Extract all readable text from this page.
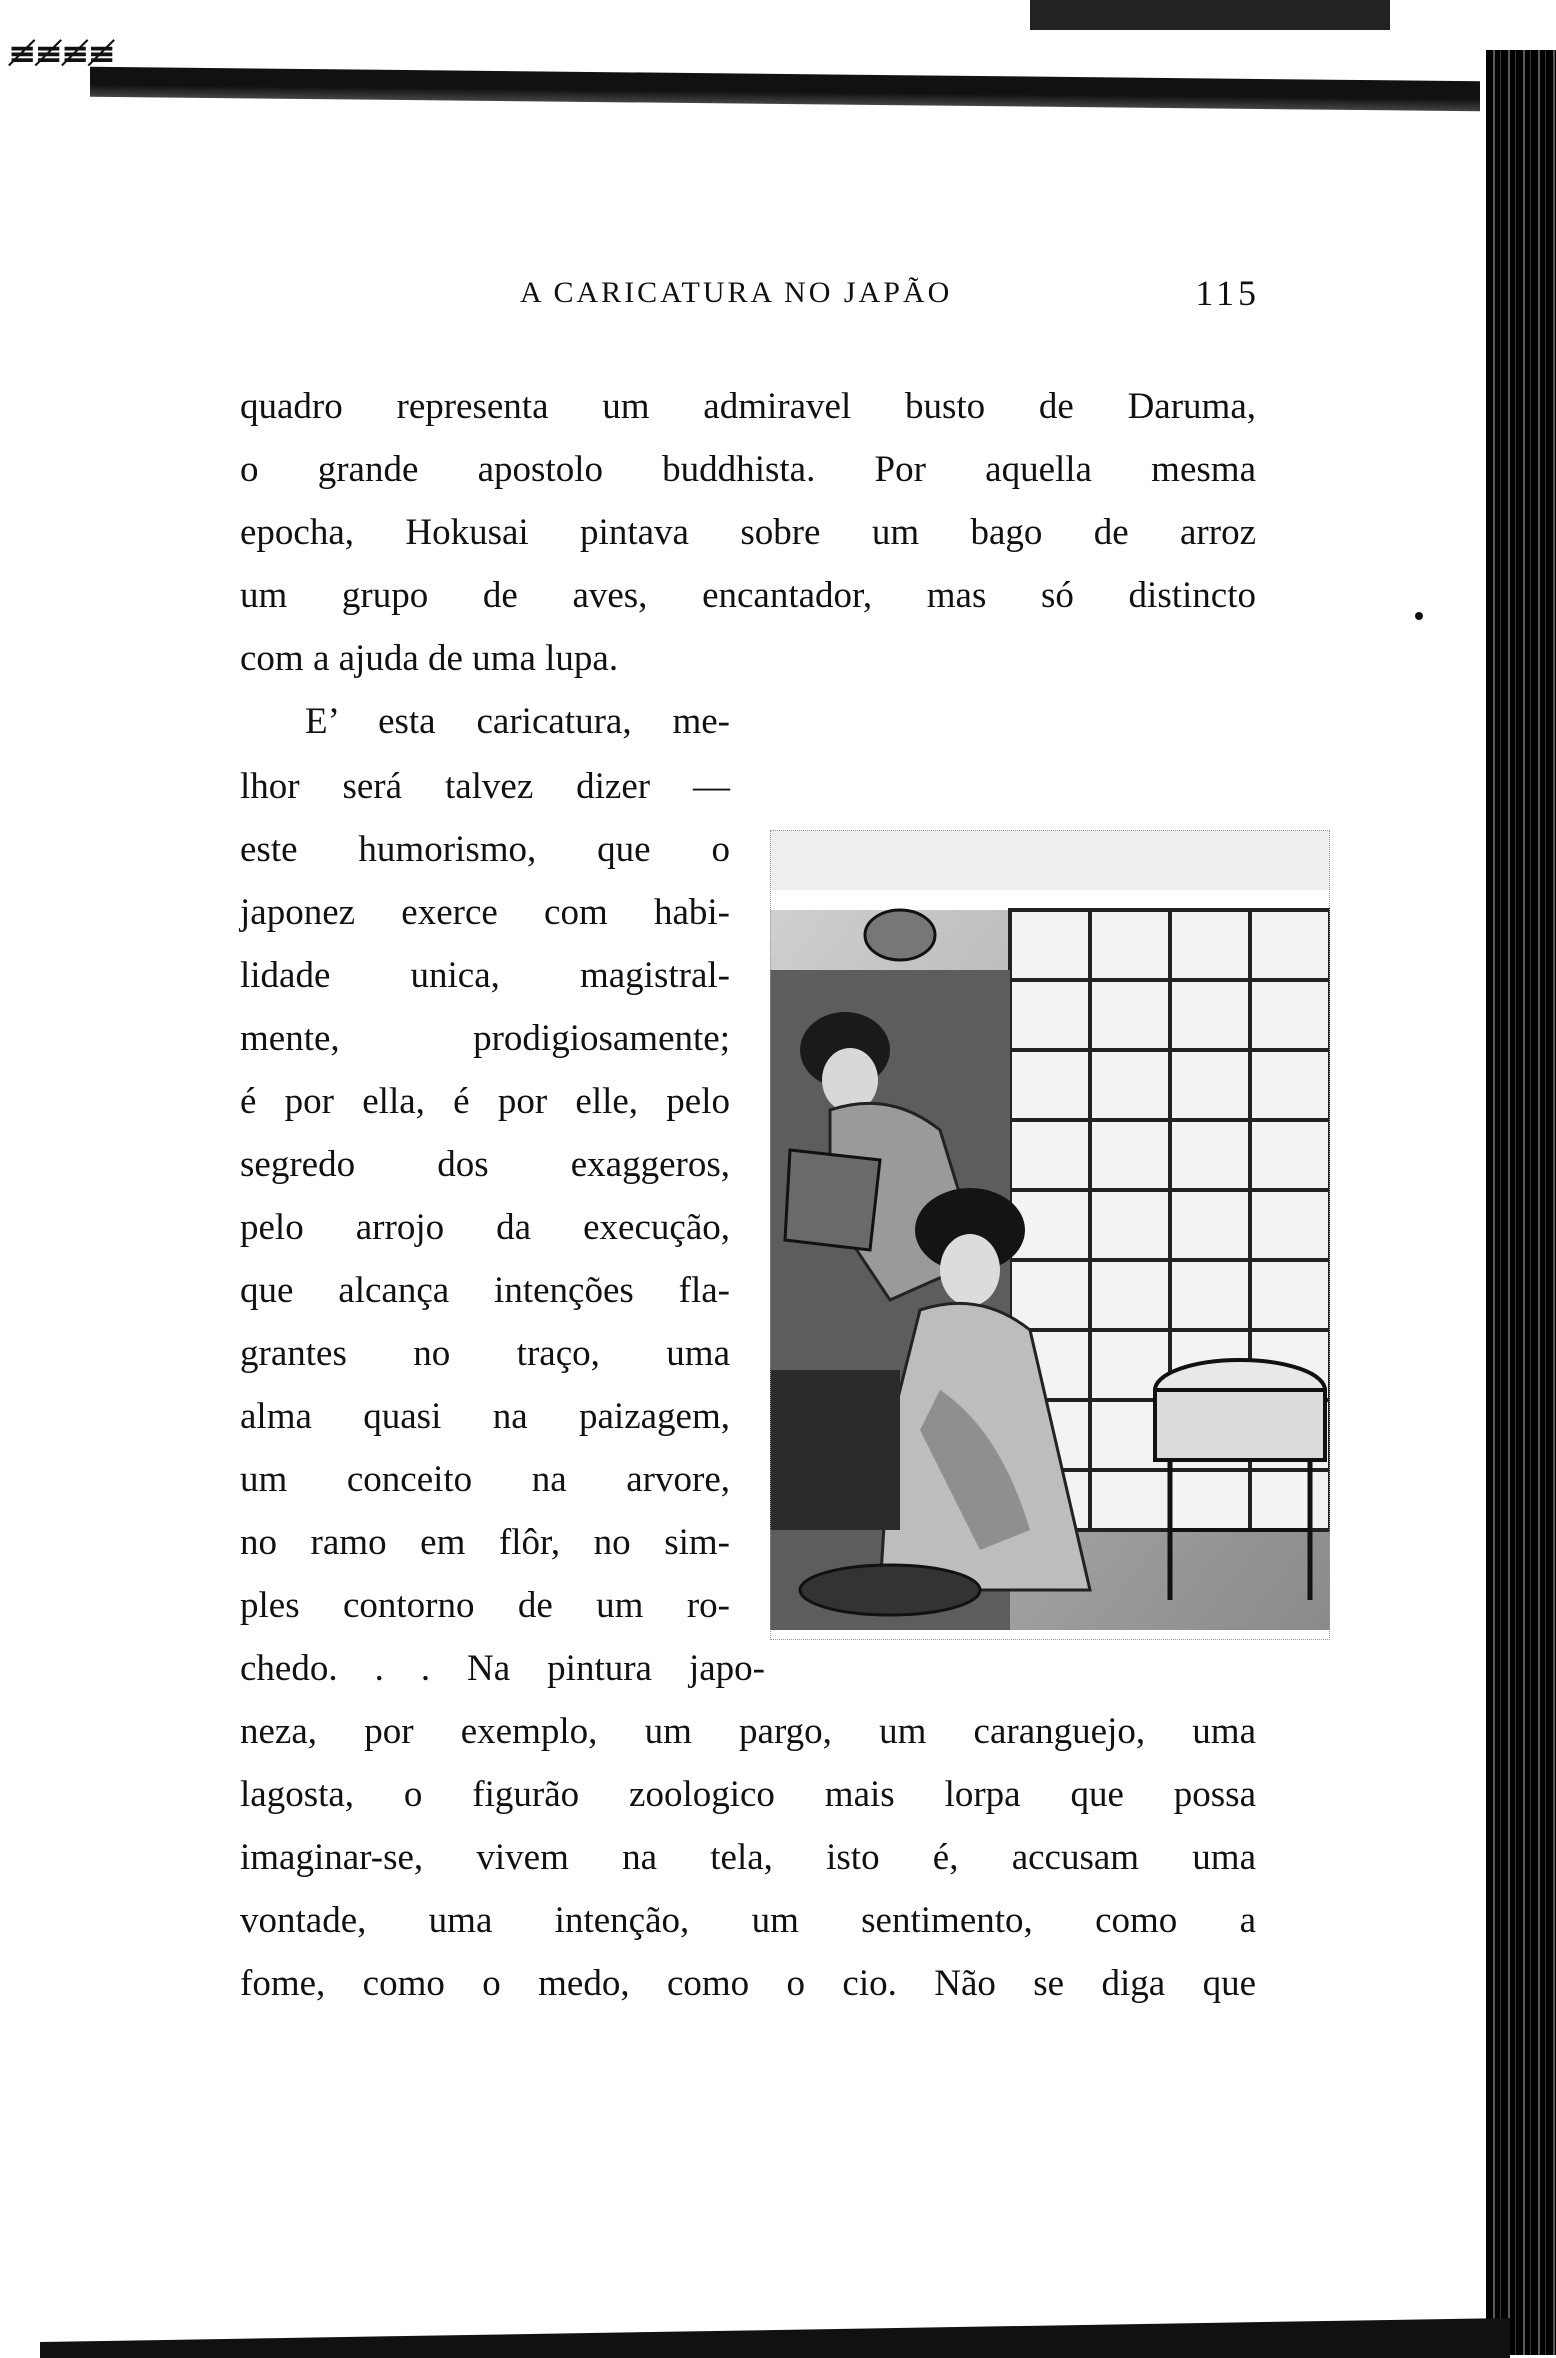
≢≢≢≢
A CARICATURA NO JAPÃO	115
quadro representa um admiravel busto de Daruma,
o grande apostolo buddhista. Por aquella mesma
epocha, Hokusai pintava sobre um bago de arroz
um grupo de aves, encantador, mas só distincto
com a ajuda de uma lupa.
E’ esta caricatura, me-
lhor será talvez dizer —
este humorismo, que o
japonez exerce com habi-
lidade unica, magistral-
mente, prodigiosamente;
é por ella, é por elle, pelo
segredo dos exaggeros,
pelo arrojo da execução,
que alcança intenções fla-
grantes no traço, uma
alma quasi na paizagem,
um conceito na arvore,
no ramo em flôr, no sim-
ples contorno de um ro-
chedo. . . Na pintura japo-
neza, por exemplo, um pargo, um caranguejo, uma
lagosta, o figurão zoologico mais lorpa que possa
imaginar-se, vivem na tela, isto é, accusam uma
vontade, uma intenção, um sentimento, como a
fome, como o medo, como o cio. Não se diga que
